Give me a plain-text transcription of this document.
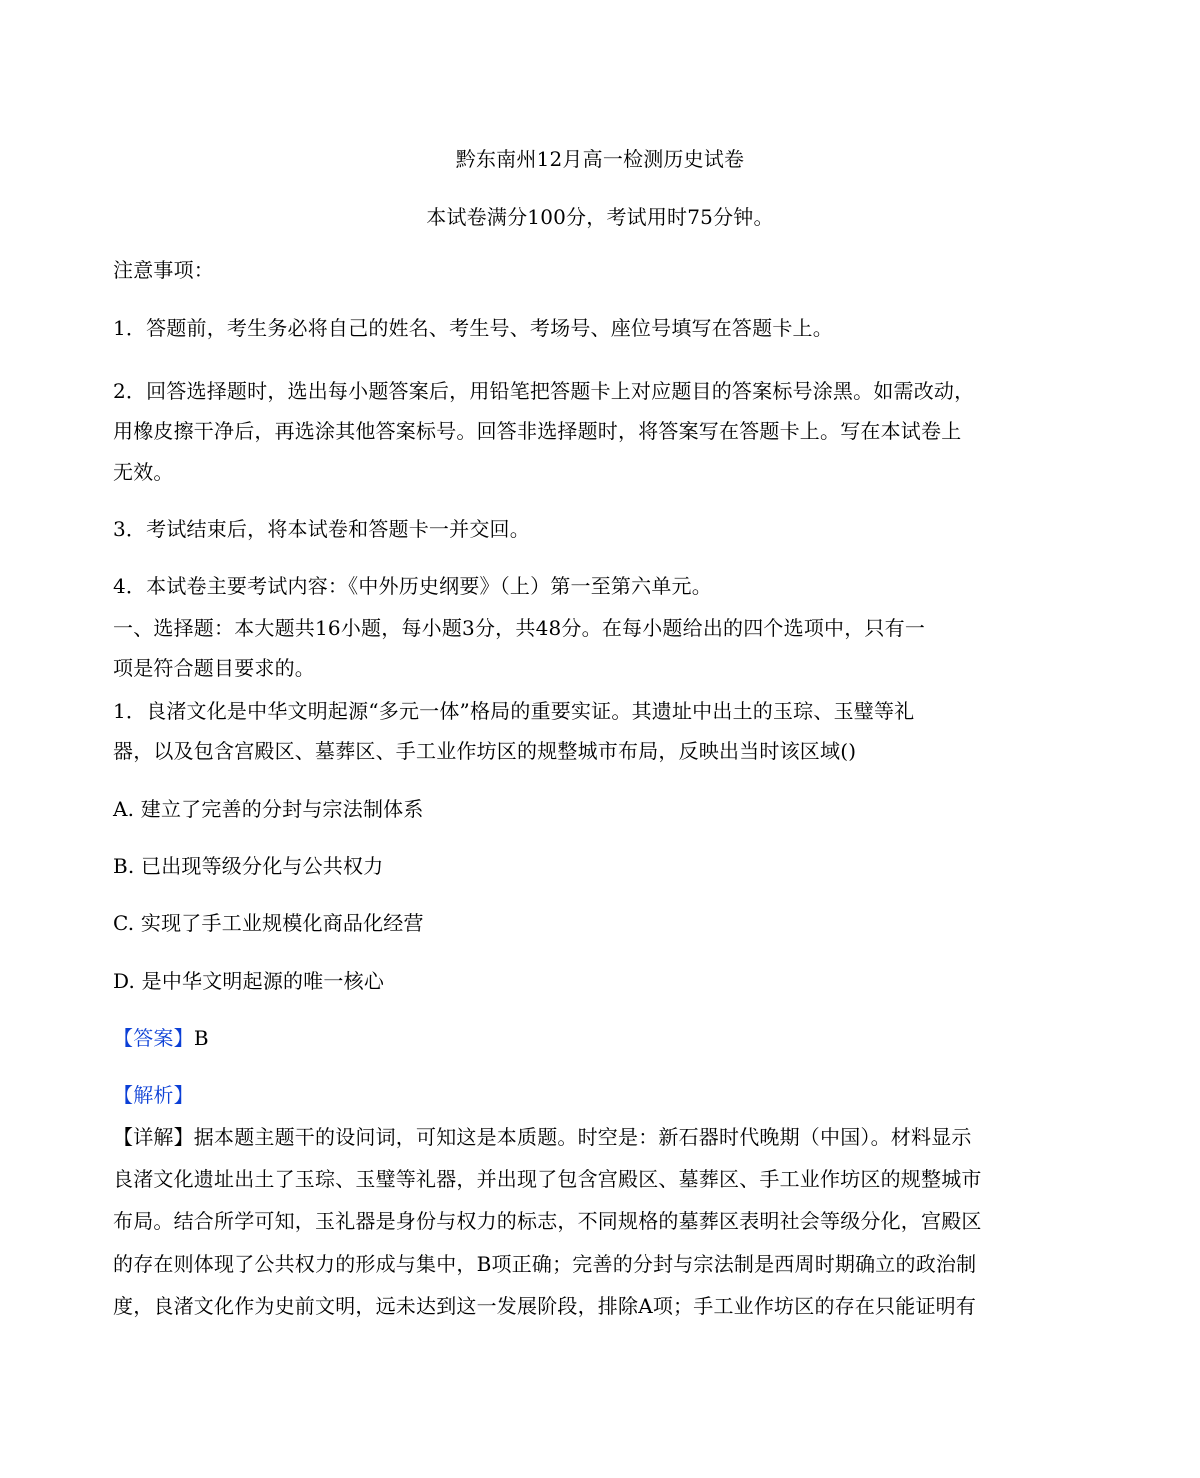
黔东南州12月高一检测历史试卷
本试卷满分100分，考试用时75分钟。
注意事项：
1．答题前，考生务必将自己的姓名、考生号、考场号、座位号填写在答题卡上。
2．回答选择题时，选出每小题答案后，用铅笔把答题卡上对应题目的答案标号涂黑。如需改动，
用橡皮擦干净后，再选涂其他答案标号。回答非选择题时，将答案写在答题卡上。写在本试卷上
无效。
3．考试结束后，将本试卷和答题卡一并交回。
4．本试卷主要考试内容：《中外历史纲要》（上）第一至第六单元。
一、选择题：本大题共16小题，每小题3分，共48分。在每小题给出的四个选项中，只有一
项是符合题目要求的。
1．良渚文化是中华文明起源“多元一体”格局的重要实证。其遗址中出土的玉琮、玉璧等礼
器，以及包含宫殿区、墓葬区、手工业作坊区的规整城市布局，反映出当时该区域()
A. 建立了完善的分封与宗法制体系
B. 已出现等级分化与公共权力
C. 实现了手工业规模化商品化经营
D. 是中华文明起源的唯一核心
【答案】B
【解析】
【详解】据本题主题干的设问词，可知这是本质题。时空是：新石器时代晚期（中国）。材料显示
良渚文化遗址出土了玉琮、玉璧等礼器，并出现了包含宫殿区、墓葬区、手工业作坊区的规整城市
布局。结合所学可知，玉礼器是身份与权力的标志，不同规格的墓葬区表明社会等级分化，宫殿区
的存在则体现了公共权力的形成与集中，B项正确；完善的分封与宗法制是西周时期确立的政治制
度，良渚文化作为史前文明，远未达到这一发展阶段，排除A项；手工业作坊区的存在只能证明有
